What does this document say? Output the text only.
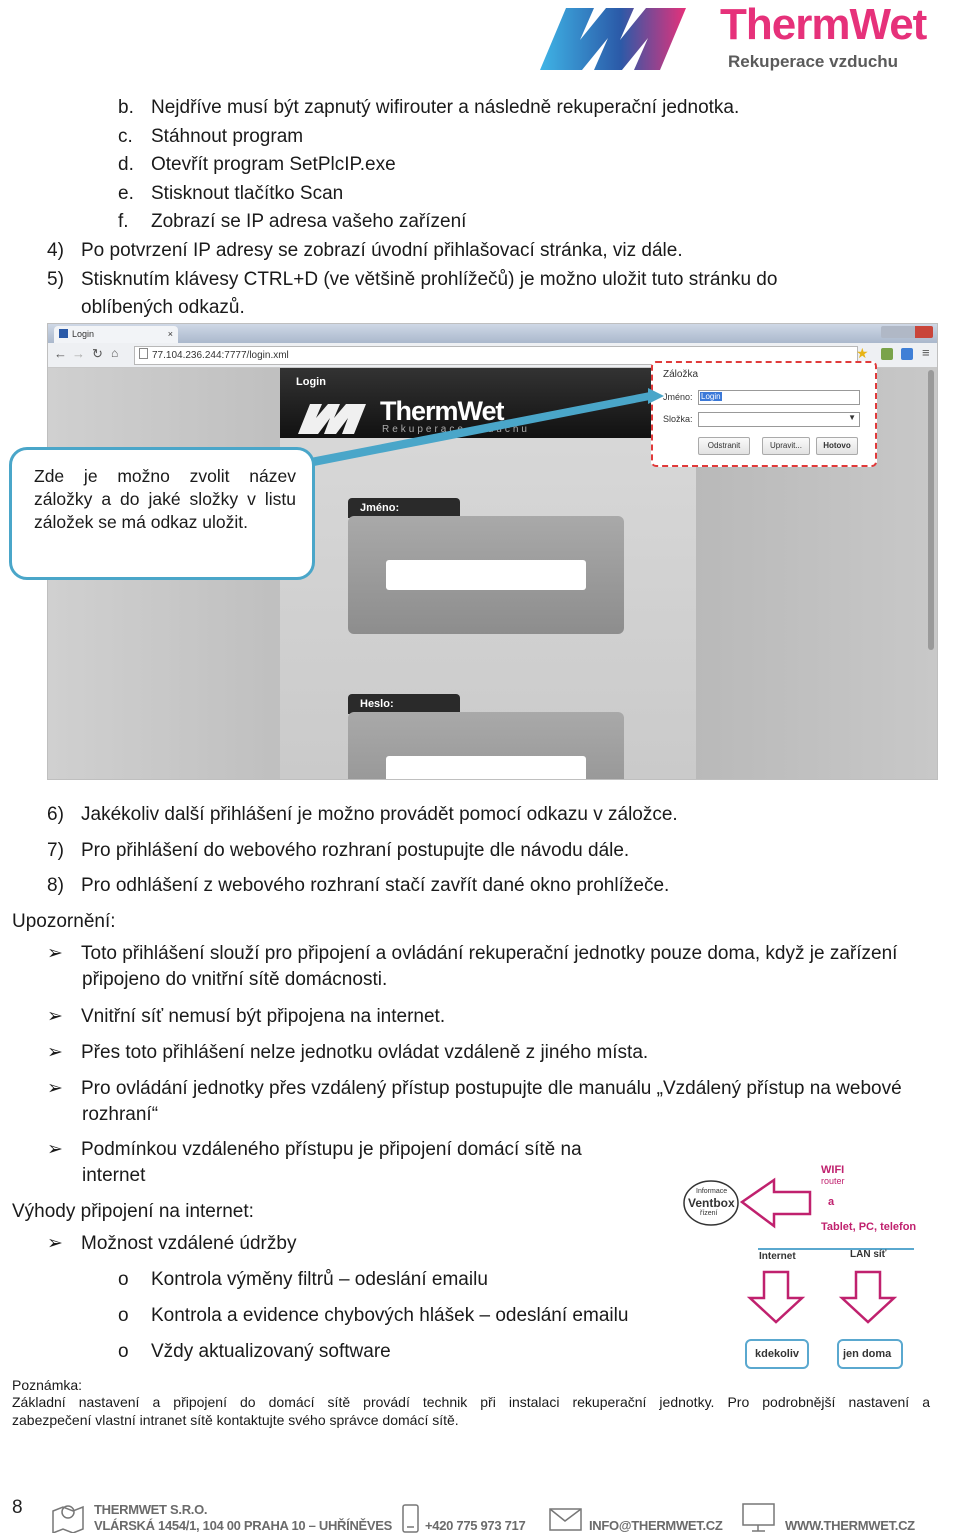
ThermWet
Rekuperace vzduchu
b. Nejdříve musí být zapnutý wifirouter a následně rekuperační jednotka.
c. Stáhnout program
d. Otevřít program SetPlcIP.exe
e. Stisknout tlačítko Scan
f. Zobrazí se IP adresa vašeho zařízení
4) Po potvrzení IP adresy se zobrazí úvodní přihlašovací stránka, viz dále.
5) Stisknutím klávesy CTRL+D (ve většině prohlížečů) je možno uložit tuto stránku do
oblíbených odkazů.
Login	×
← → ↻ ⌂	77.104.236.244:7777/login.xml	★	≡
Login
ThermWet
Rekuperace vzduchu
Jméno:
Heslo:
Záložka
Jméno:	Login
Složka:	▼
Odstranit	Upravit...	Hotovo
Zde je možno zvolit název záložky a do jaké složky v listu záložek se má odkaz uložit.
6) Jakékoliv další přihlášení je možno provádět pomocí odkazu v záložce.
7) Pro přihlášení do webového rozhraní postupujte dle návodu dále.
8) Pro odhlášení z webového rozhraní stačí zavřít dané okno prohlížeče.
Upozornění:
➢ Toto přihlášení slouží pro připojení a ovládání rekuperační jednotky pouze doma, když je zařízení
připojeno do vnitřní sítě domácnosti.
➢ Vnitřní síť nemusí být připojena na internet.
➢ Přes toto přihlášení nelze jednotku ovládat vzdáleně z jiného místa.
➢ Pro ovládání jednotky přes vzdálený přístup postupujte dle manuálu „Vzdálený přístup na webové
rozhraní“
➢ Podmínkou vzdáleného přístupu je připojení domácí sítě na
internet
Výhody připojení na internet:
➢ Možnost vzdálené údržby
o Kontrola výměny filtrů – odeslání emailu
o Kontrola a evidence chybových hlášek – odeslání emailu
o Vždy aktualizovaný software
Informace
Ventbox
řízení
WIFI
router
a
Tablet, PC, telefon
Internet	LAN síť
kdekoliv	jen doma
Poznámka:
Základní nastavení a připojení do domácí sítě provádí technik při instalaci rekuperační jednotky. Pro podrobnější nastavení a
zabezpečení vlastní intranet sítě kontaktujte svého správce domácí sítě.
8	THERMWET S.R.O.
VLÁRSKÁ 1454/1, 104 00 PRAHA 10 – UHŘÍNĚVES	+420 775 973 717	INFO@THERMWET.CZ	WWW.THERMWET.CZ
